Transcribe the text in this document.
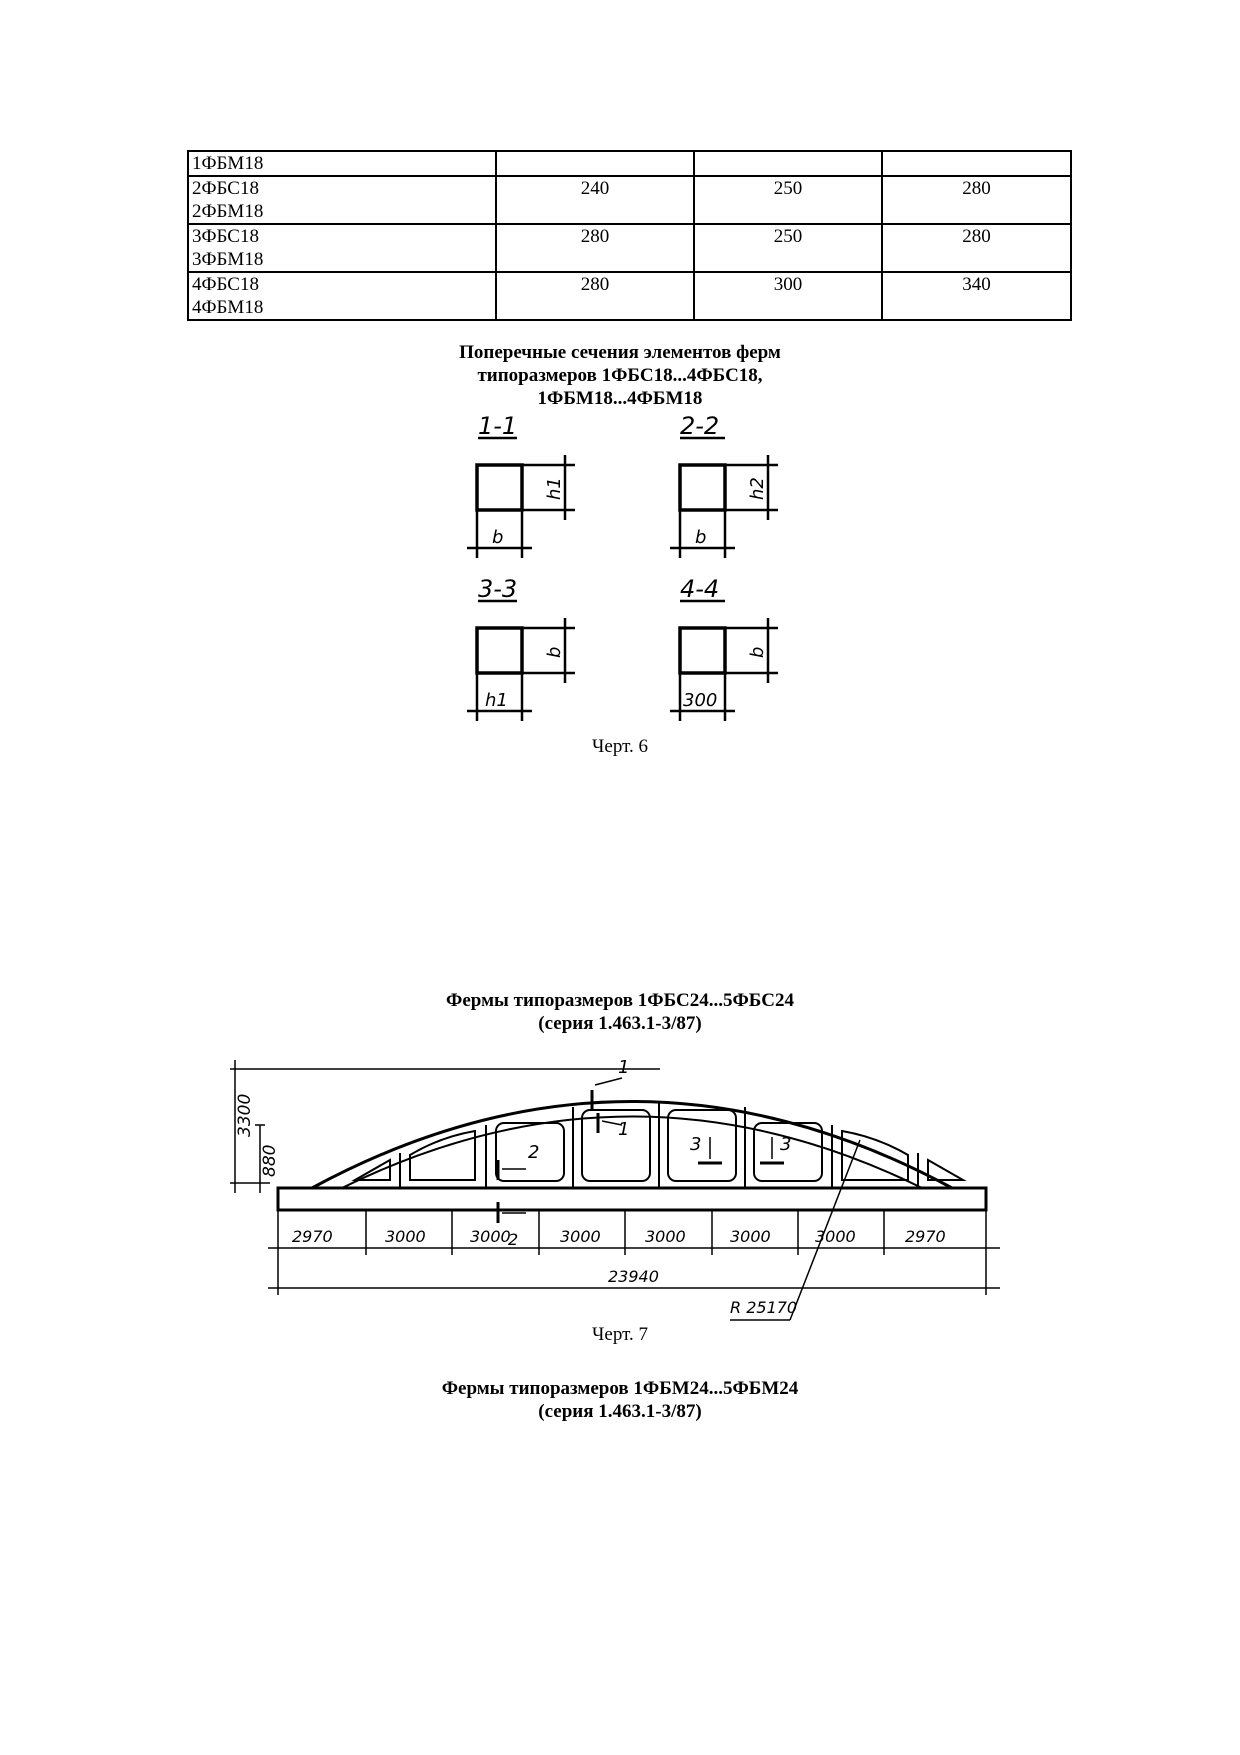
1ФБМ18			

2ФБС18
2ФБМ18	240	250	280

3ФБС18
3ФБМ18	280	250	280

4ФБС18
4ФБМ18	280	300	340
Поперечные сечения элементов ферм
типоразмеров 1ФБС18...4ФБС18,
1ФБМ18...4ФБМ18
1-1	2-2
3-3	4-4
h1	h2
b	b
b	b
h1	300
Черт. 6
Фермы типоразмеров 1ФБС24...5ФБС24
(серия 1.463.1-3/87)
3300
880
2970	3000	3000	3000	3000	3000	3000	2970
23940
R 25170
1
1
2
2
3	3
Черт. 7
Фермы типоразмеров 1ФБМ24...5ФБМ24
(серия 1.463.1-3/87)
